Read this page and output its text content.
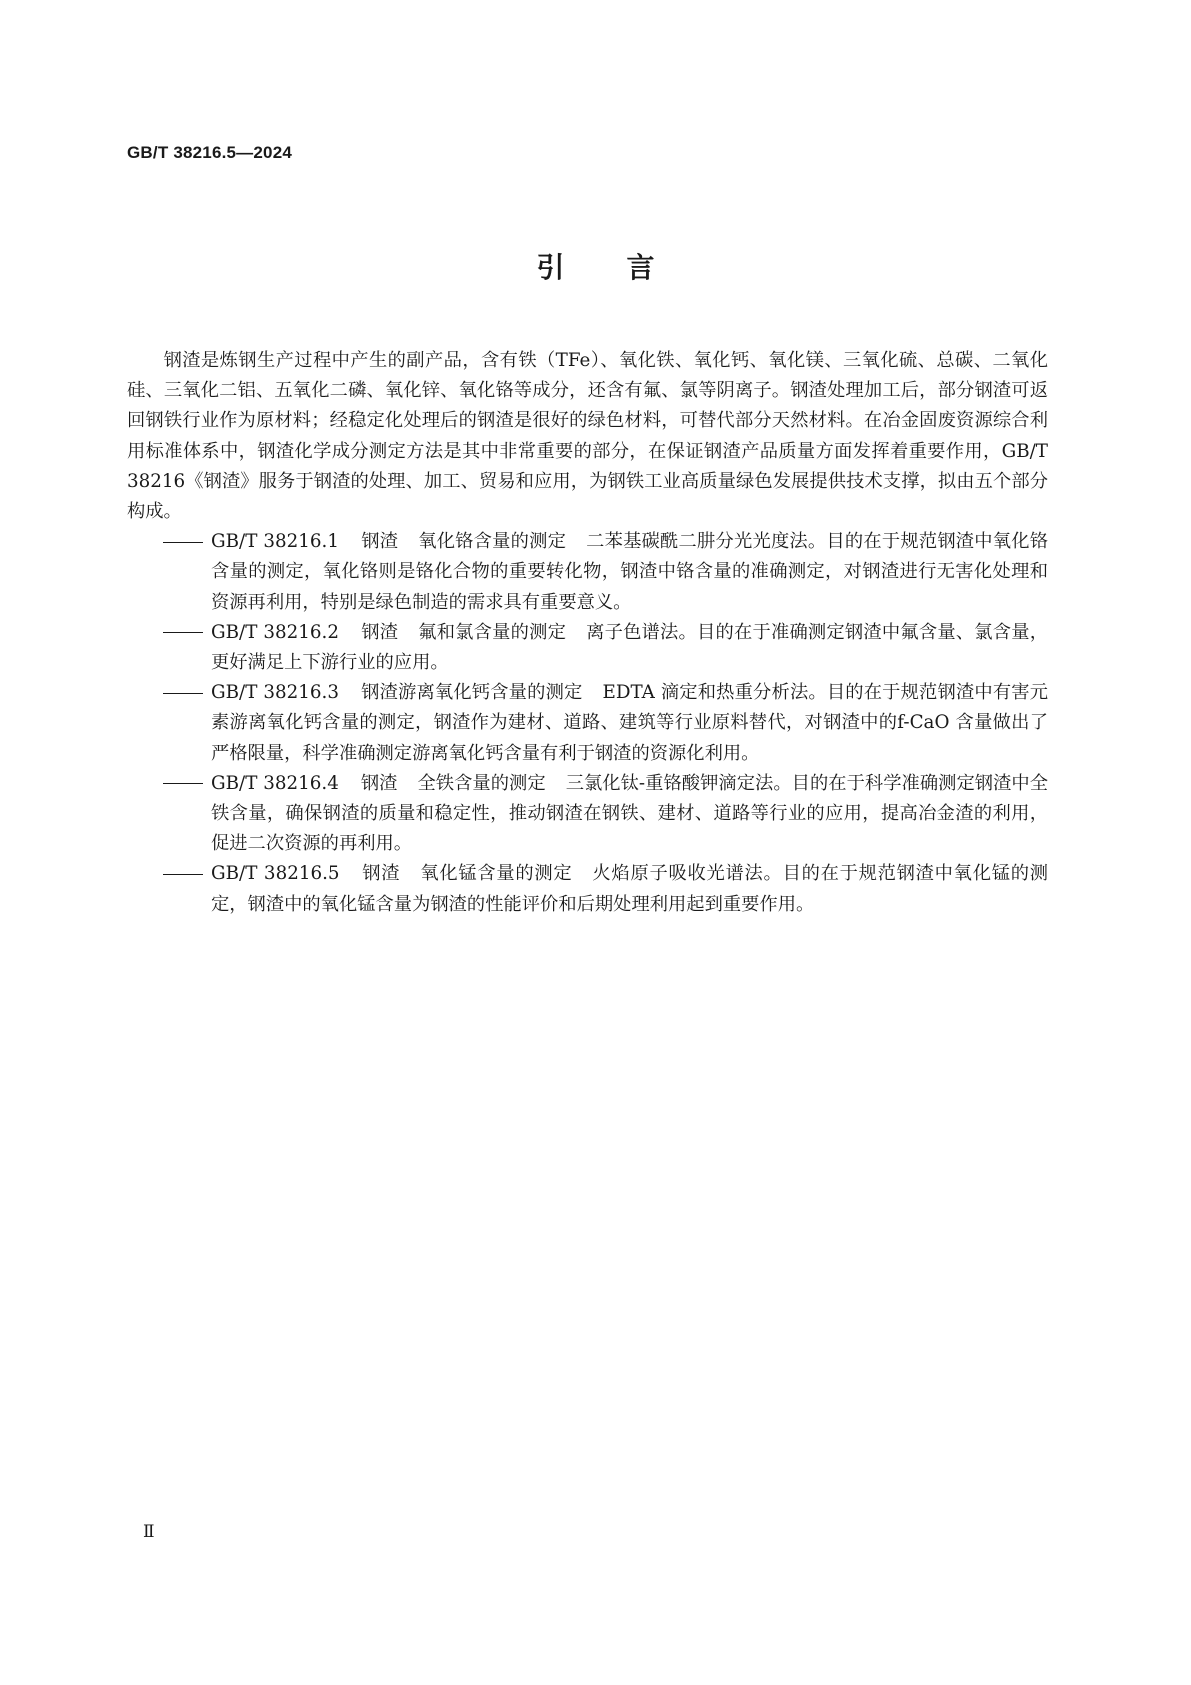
GB/T 38216.5—2024
引言

钢渣是炼钢生产过程中产生的副产品，含有铁（TFe）、氧化铁、氧化钙、氧化镁、三氧化硫、总碳、二氧化硅、三氧化二铝、五氧化二磷、氧化锌、氧化铬等成分，还含有氟、氯等阴离子。钢渣处理加工后，部分钢渣可返回钢铁行业作为原材料；经稳定化处理后的钢渣是很好的绿色材料，可替代部分天然材料。在冶金固废资源综合利用标准体系中，钢渣化学成分测定方法是其中非常重要的部分，在保证钢渣产品质量方面发挥着重要作用，GB/T 38216《钢渣》服务于钢渣的处理、加工、贸易和应用，为钢铁工业高质量绿色发展提供技术支撑，拟由五个部分构成。

GB/T 38216.1 钢渣 氧化铬含量的测定 二苯基碳酰二肼分光光度法。目的在于规范钢渣中氧化铬含量的测定，氧化铬则是铬化合物的重要转化物，钢渣中铬含量的准确测定，对钢渣进行无害化处理和资源再利用，特别是绿色制造的需求具有重要意义。
GB/T 38216.2 钢渣 氟和氯含量的测定 离子色谱法。目的在于准确测定钢渣中氟含量、氯含量，更好满足上下游行业的应用。
GB/T 38216.3 钢渣游离氧化钙含量的测定 EDTA 滴定和热重分析法。目的在于规范钢渣中有害元素游离氧化钙含量的测定，钢渣作为建材、道路、建筑等行业原料替代，对钢渣中的f-CaO 含量做出了严格限量，科学准确测定游离氧化钙含量有利于钢渣的资源化利用。
GB/T 38216.4 钢渣 全铁含量的测定 三氯化钛-重铬酸钾滴定法。目的在于科学准确测定钢渣中全铁含量，确保钢渣的质量和稳定性，推动钢渣在钢铁、建材、道路等行业的应用，提高冶金渣的利用，促进二次资源的再利用。
GB/T 38216.5 钢渣 氧化锰含量的测定 火焰原子吸收光谱法。目的在于规范钢渣中氧化锰的测定，钢渣中的氧化锰含量为钢渣的性能评价和后期处理利用起到重要作用。
Ⅱ
